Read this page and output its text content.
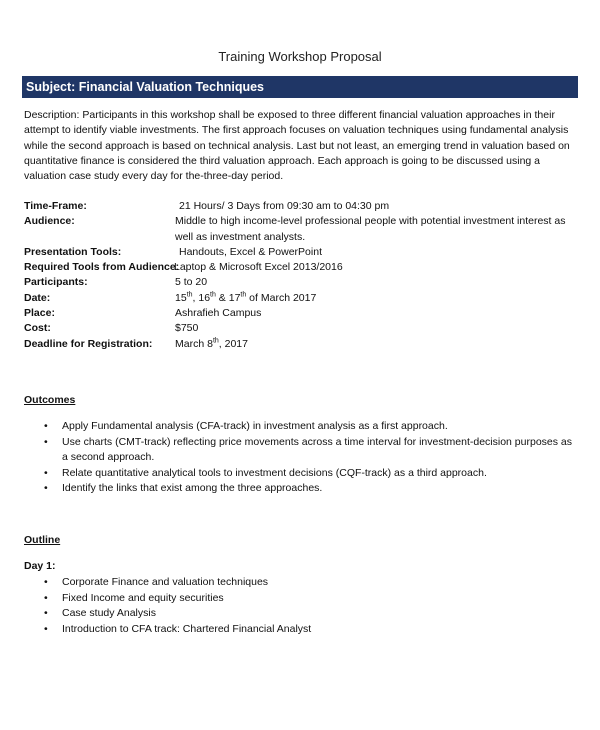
Training Workshop Proposal
Subject: Financial Valuation Techniques
Description: Participants in this workshop shall be exposed to three different financial valuation approaches in their attempt to identify viable investments. The first approach focuses on valuation techniques using fundamental analysis while the second approach is based on technical analysis. Last but not least, an emerging trend in valuation based on quantitative finance is considered the third valuation approach. Each approach is going to be discussed using a valuation case study every day for the-three-day period.
Time-Frame:	21 Hours/ 3 Days from 09:30 am to 04:30 pm
Audience:	Middle to high income-level professional people with potential investment interest as well as investment analysts.
Presentation Tools:	Handouts, Excel & PowerPoint
Required Tools from Audience:
Laptop & Microsoft Excel 2013/2016
Participants:	5 to 20
Date:	15th, 16th & 17th of March 2017
Place:	Ashrafieh Campus
Cost:	$750
Deadline for Registration: March 8th, 2017
Outcomes
• Apply Fundamental analysis (CFA-track) in investment analysis as a first approach.
• Use charts (CMT-track) reflecting price movements across a time interval for investment-decision purposes as a second approach.
• Relate quantitative analytical tools to investment decisions (CQF-track) as a third approach.
• Identify the links that exist among the three approaches.
Outline
Day 1:
• Corporate Finance and valuation techniques
• Fixed Income and equity securities
• Case study Analysis
• Introduction to CFA track: Chartered Financial Analyst
